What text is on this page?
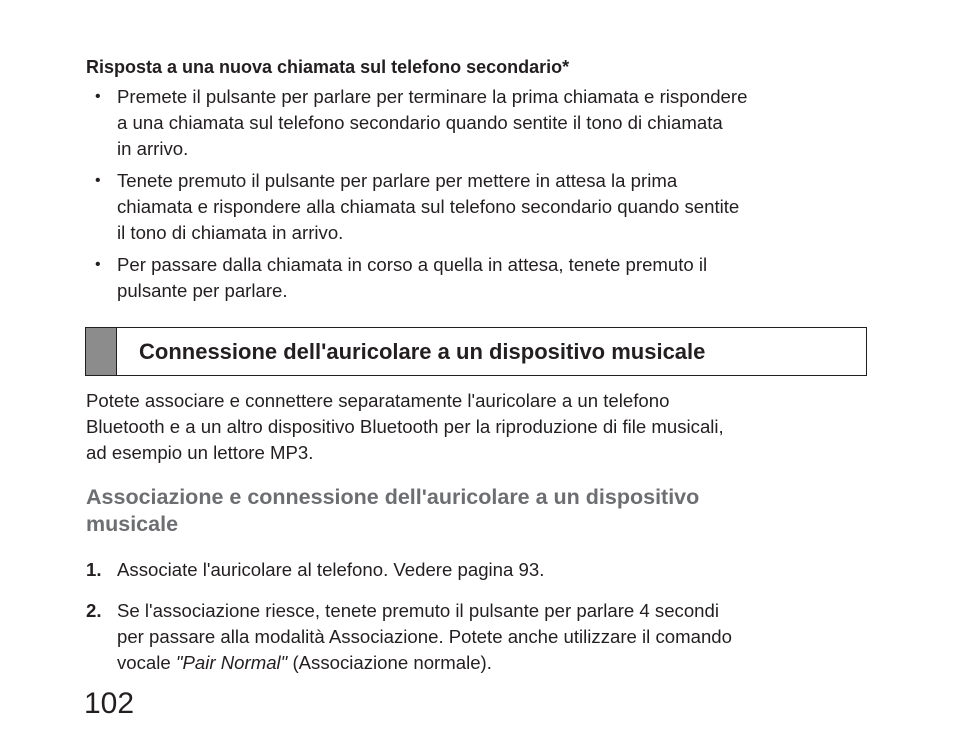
Risposta a una nuova chiamata sul telefono secondario*
• Premete il pulsante per parlare per terminare la prima chiamata e rispondere
a una chiamata sul telefono secondario quando sentite il tono di chiamata
in arrivo.
• Tenete premuto il pulsante per parlare per mettere in attesa la prima
chiamata e rispondere alla chiamata sul telefono secondario quando sentite
il tono di chiamata in arrivo.
• Per passare dalla chiamata in corso a quella in attesa, tenete premuto il
pulsante per parlare.
Connessione dell'auricolare a un dispositivo musicale
Potete associare e connettere separatamente l'auricolare a un telefono
Bluetooth e a un altro dispositivo Bluetooth per la riproduzione di file musicali,
ad esempio un lettore MP3.
Associazione e connessione dell'auricolare a un dispositivo
musicale
1. Associate l'auricolare al telefono. Vedere pagina 93.
2. Se l'associazione riesce, tenete premuto il pulsante per parlare 4 secondi
per passare alla modalità Associazione. Potete anche utilizzare il comando
vocale "Pair Normal" (Associazione normale).
102
